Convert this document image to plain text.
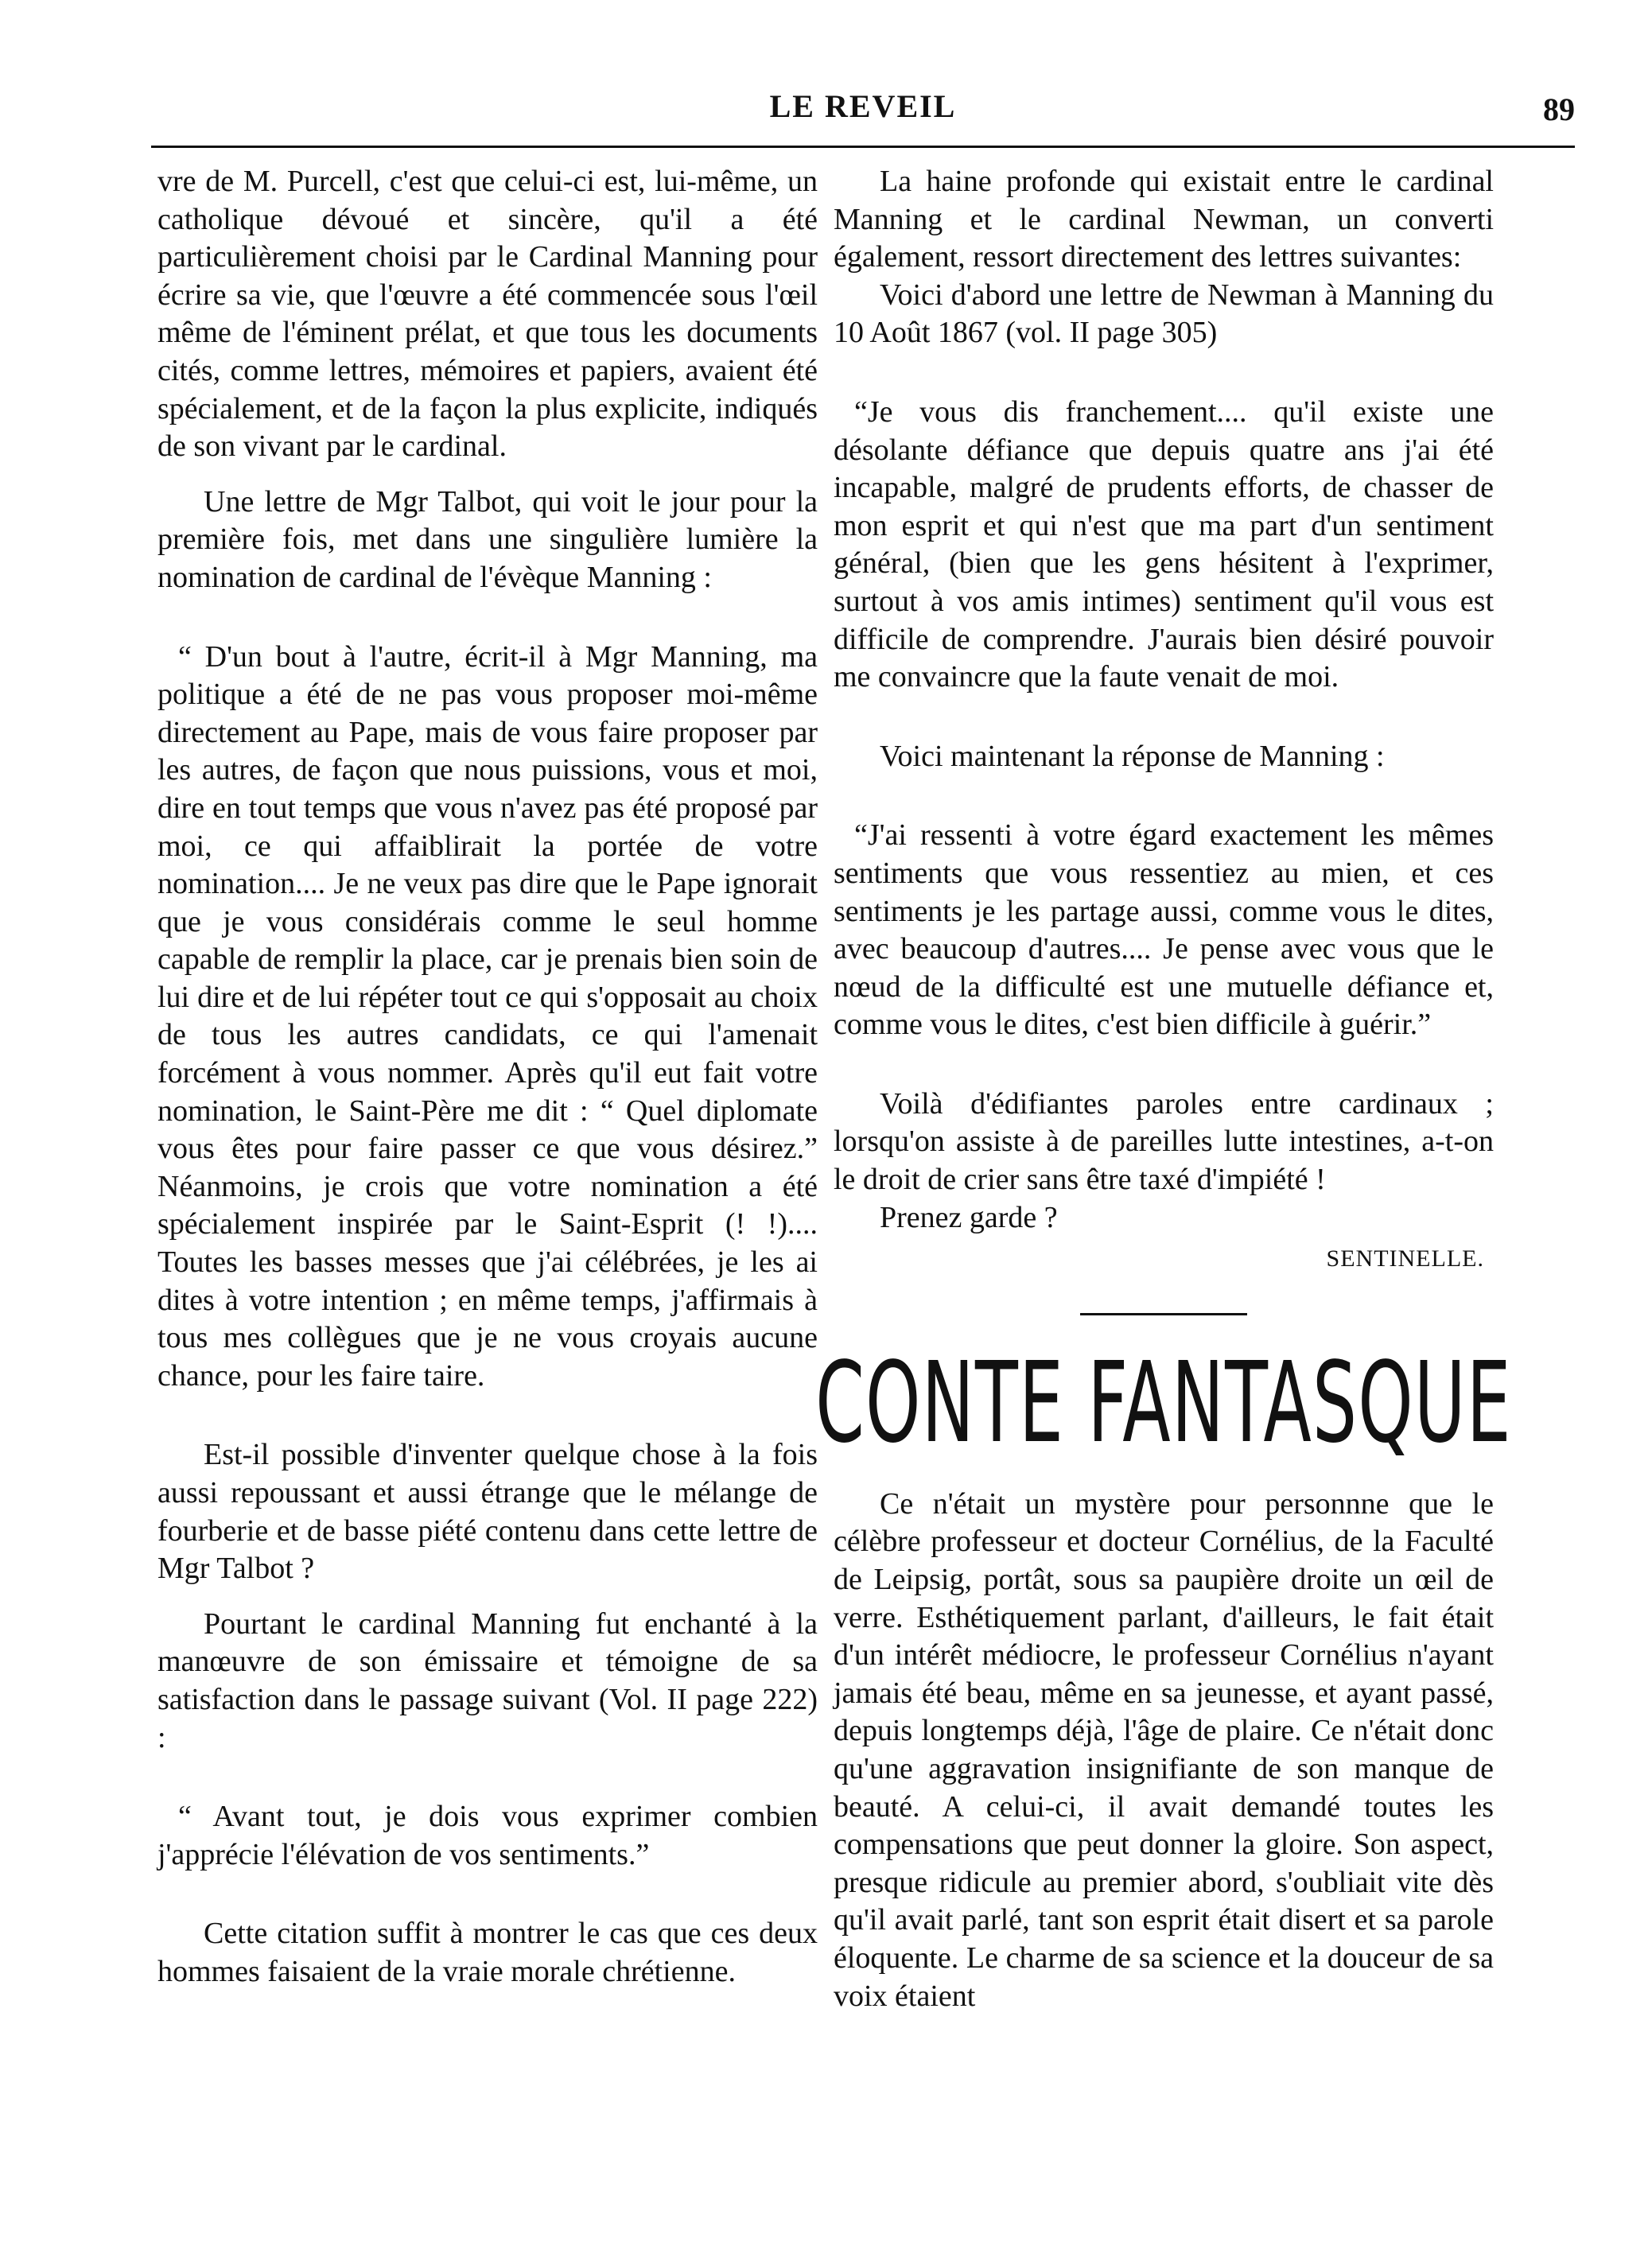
LE REVEIL	89

vre de M. Purcell, c'est que celui-ci est, lui-même, un catholique dévoué et sincère, qu'il a été particulièrement choisi par le Cardinal Manning pour écrire sa vie, que l'œuvre a été commencée sous l'œil même de l'éminent prélat, et que tous les documents cités, comme lettres, mémoires et papiers, avaient été spécialement, et de la façon la plus explicite, indiqués de son vivant par le cardinal.

Une lettre de Mgr Talbot, qui voit le jour pour la première fois, met dans une singulière lumière la nomination de cardinal de l'évèque Manning :

“ D'un bout à l'autre, écrit-il à Mgr Manning, ma politique a été de ne pas vous proposer moi-même directement au Pape, mais de vous faire proposer par les autres, de façon que nous puissions, vous et moi, dire en tout temps que vous n'avez pas été proposé par moi, ce qui affaiblirait la portée de votre nomination.... Je ne veux pas dire que le Pape ignorait que je vous considérais comme le seul homme capable de remplir la place, car je prenais bien soin de lui dire et de lui répéter tout ce qui s'opposait au choix de tous les autres candidats, ce qui l'amenait forcément à vous nommer. Après qu'il eut fait votre nomination, le Saint-Père me dit : “ Quel diplomate vous êtes pour faire passer ce que vous désirez.” Néanmoins, je crois que votre nomination a été spécialement inspirée par le Saint-Esprit (! !).... Toutes les basses messes que j'ai célébrées, je les ai dites à votre intention ; en même temps, j'affirmais à tous mes collègues que je ne vous croyais aucune chance, pour les faire taire.

Est-il possible d'inventer quelque chose à la fois aussi repoussant et aussi étrange que le mélange de fourberie et de basse piété contenu dans cette lettre de Mgr Talbot ?

Pourtant le cardinal Manning fut enchanté à la manœuvre de son émissaire et témoigne de sa satisfaction dans le passage suivant (Vol. II page 222) :

“ Avant tout, je dois vous exprimer combien j'apprécie l'élévation de vos sentiments.”

Cette citation suffit à montrer le cas que ces deux hommes faisaient de la vraie morale chrétienne.

La haine profonde qui existait entre le cardinal Manning et le cardinal Newman, un converti également, ressort directement des lettres suivantes:

Voici d'abord une lettre de Newman à Manning du 10 Août 1867 (vol. II page 305)

“Je vous dis franchement.... qu'il existe une désolante défiance que depuis quatre ans j'ai été incapable, malgré de prudents efforts, de chasser de mon esprit et qui n'est que ma part d'un sentiment général, (bien que les gens hésitent à l'exprimer, surtout à vos amis intimes) sentiment qu'il vous est difficile de comprendre. J'aurais bien désiré pouvoir me convaincre que la faute venait de moi.

Voici maintenant la réponse de Manning :

“J'ai ressenti à votre égard exactement les mêmes sentiments que vous ressentiez au mien, et ces sentiments je les partage aussi, comme vous le dites, avec beaucoup d'autres.... Je pense avec vous que le nœud de la difficulté est une mutuelle défiance et, comme vous le dites, c'est bien difficile à guérir.”

Voilà d'édifiantes paroles entre cardinaux ; lorsqu'on assiste à de pareilles lutte intestines, a-t-on le droit de crier sans être taxé d'impiété !

Prenez garde ?

SENTINELLE.
CONTE FANTASQUE

Ce n'était un mystère pour personnne que le célèbre professeur et docteur Cornélius, de la Faculté de Leipsig, portât, sous sa paupière droite un œil de verre. Esthétiquement parlant, d'ailleurs, le fait était d'un intérêt médiocre, le professeur Cornélius n'ayant jamais été beau, même en sa jeunesse, et ayant passé, depuis longtemps déjà, l'âge de plaire. Ce n'était donc qu'une aggravation insignifiante de son manque de beauté. A celui-ci, il avait demandé toutes les compensations que peut donner la gloire. Son aspect, presque ridicule au premier abord, s'oubliait vite dès qu'il avait parlé, tant son esprit était disert et sa parole éloquente. Le charme de sa science et la douceur de sa voix étaient
